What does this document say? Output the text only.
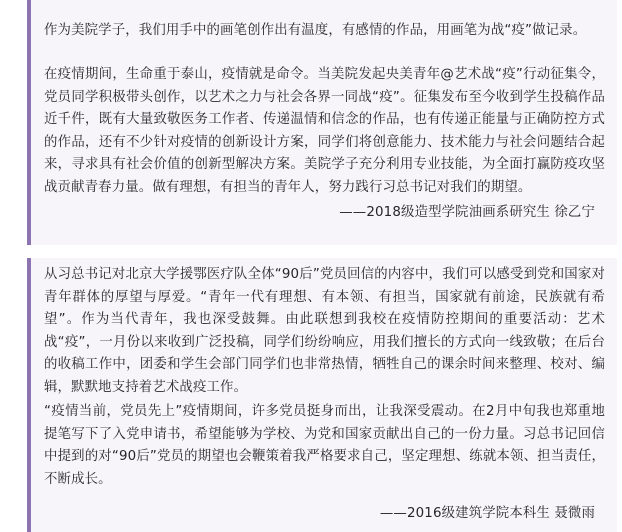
作为美院学子，我们用手中的画笔创作出有温度，有感情的作品，用画笔为战“疫”做记录。

在疫情期间，生命重于泰山，疫情就是命令。当美院发起央美青年@艺术战“疫”行动征集令，党员同学积极带头创作，以艺术之力与社会各界一同战“疫”。征集发布至今收到学生投稿作品近千件，既有大量致敬医务工作者、传递温情和信念的作品，也有传递正能量与正确防控方式的作品，还有不少针对疫情的创新设计方案，同学们将创意能力、技术能力与社会问题结合起来，寻求具有社会价值的创新型解决方案。美院学子充分利用专业技能，为全面打赢防疫攻坚战贡献青春力量。做有理想，有担当的青年人，努力践行习总书记对我们的期望。

——2018级造型学院油画系研究生 徐乙宁

从习总书记对北京大学援鄂医疗队全体“90后”党员回信的内容中，我们可以感受到党和国家对青年群体的厚望与厚爱。“青年一代有理想、有本领、有担当，国家就有前途，民族就有希望”。作为当代青年，我也深受鼓舞。由此联想到我校在疫情防控期间的重要活动：艺术战“疫”，一月份以来收到广泛投稿，同学们纷纷响应，用我们擅长的方式向一线致敬；在后台的收稿工作中，团委和学生会部门同学们也非常热情，牺牲自己的课余时间来整理、校对、编辑，默默地支持着艺术战疫工作。

“疫情当前，党员先上”疫情期间，许多党员挺身而出，让我深受震动。在2月中旬我也郑重地提笔写下了入党申请书，希望能够为学校、为党和国家贡献出自己的一份力量。习总书记回信中提到的对“90后”党员的期望也会鞭策着我严格要求自己，坚定理想、练就本领、担当责任，不断成长。

——2016级建筑学院本科生 聂微雨
